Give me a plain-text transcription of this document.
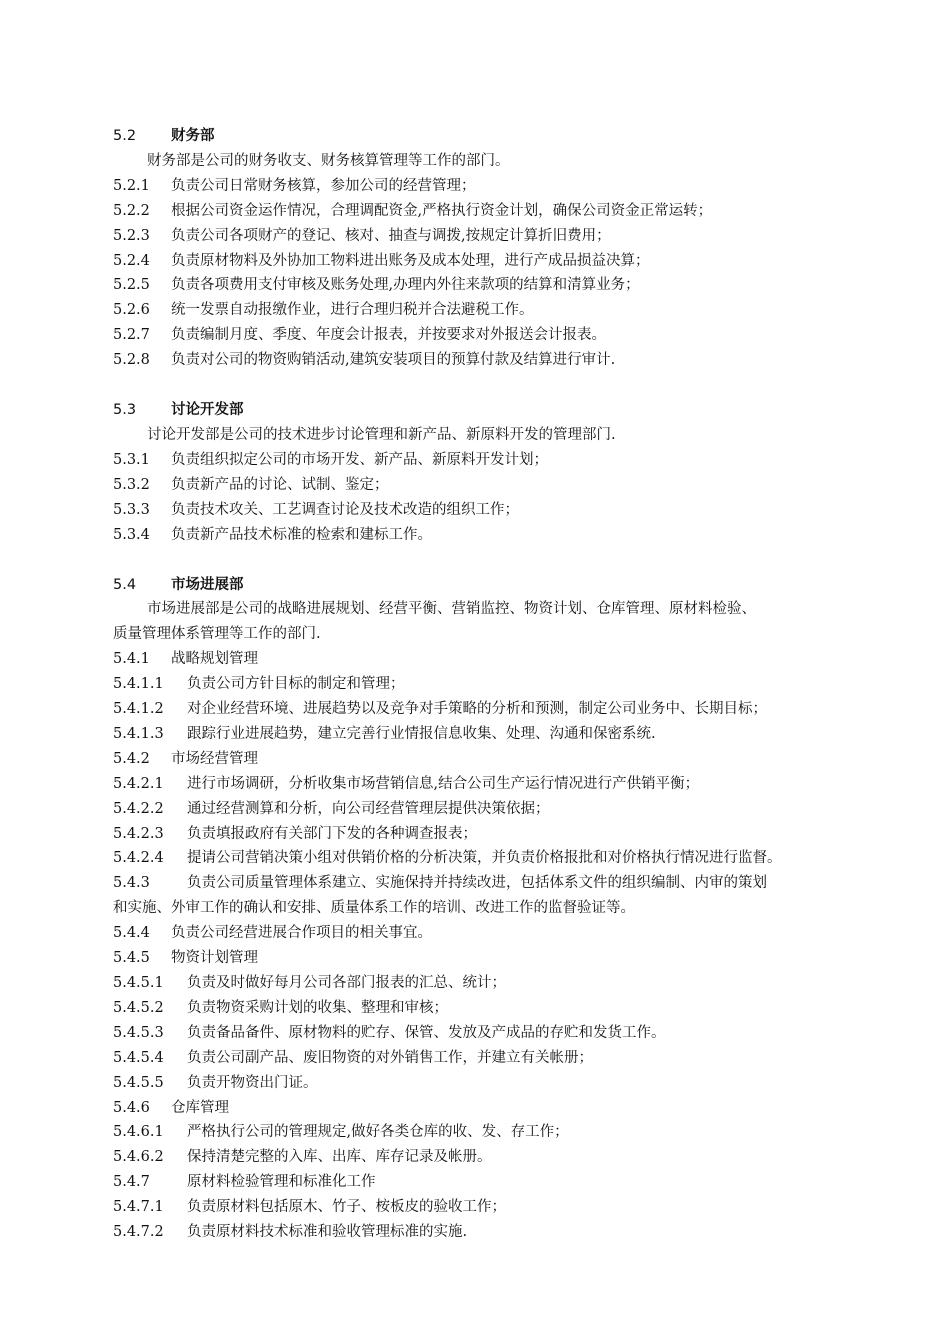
5.2 财务部
财务部是公司的财务收支、财务核算管理等工作的部门。
5.2.1 负责公司日常财务核算，参加公司的经营管理；
5.2.2 根据公司资金运作情况，合理调配资金,严格执行资金计划，确保公司资金正常运转；
5.2.3 负责公司各项财产的登记、核对、抽查与调拨,按规定计算折旧费用；
5.2.4 负责原材物料及外协加工物料进出账务及成本处理，进行产成品损益决算；
5.2.5 负责各项费用支付审核及账务处理,办理内外往来款项的结算和清算业务；
5.2.6 统一发票自动报缴作业，进行合理归税并合法避税工作。
5.2.7 负责编制月度、季度、年度会计报表，并按要求对外报送会计报表。
5.2.8 负责对公司的物资购销活动,建筑安装项目的预算付款及结算进行审计.
5.3 讨论开发部
讨论开发部是公司的技术进步讨论管理和新产品、新原料开发的管理部门.
5.3.1 负责组织拟定公司的市场开发、新产品、新原料开发计划；
5.3.2 负责新产品的讨论、试制、鉴定；
5.3.3 负责技术攻关、工艺调查讨论及技术改造的组织工作；
5.3.4 负责新产品技术标准的检索和建标工作。
5.4 市场进展部
市场进展部是公司的战略进展规划、经营平衡、营销监控、物资计划、仓库管理、原材料检验、
质量管理体系管理等工作的部门.
5.4.1 战略规划管理
5.4.1.1 负责公司方针目标的制定和管理；
5.4.1.2 对企业经营环境、进展趋势以及竞争对手策略的分析和预测，制定公司业务中、长期目标；
5.4.1.3 跟踪行业进展趋势，建立完善行业情报信息收集、处理、沟通和保密系统.
5.4.2 市场经营管理
5.4.2.1 进行市场调研，分析收集市场营销信息,结合公司生产运行情况进行产供销平衡；
5.4.2.2 通过经营测算和分析，向公司经营管理层提供决策依据；
5.4.2.3 负责填报政府有关部门下发的各种调查报表；
5.4.2.4 提请公司营销决策小组对供销价格的分析决策，并负责价格报批和对价格执行情况进行监督。
5.4.3	负责公司质量管理体系建立、实施保持并持续改进，包括体系文件的组织编制、内审的策划
和实施、外审工作的确认和安排、质量体系工作的培训、改进工作的监督验证等。
5.4.4 负责公司经营进展合作项目的相关事宜。
5.4.5 物资计划管理
5.4.5.1 负责及时做好每月公司各部门报表的汇总、统计；
5.4.5.2 负责物资采购计划的收集、整理和审核；
5.4.5.3 负责备品备件、原材物料的贮存、保管、发放及产成品的存贮和发货工作。
5.4.5.4 负责公司副产品、废旧物资的对外销售工作，并建立有关帐册；
5.4.5.5 负责开物资出门证。
5.4.6 仓库管理
5.4.6.1 严格执行公司的管理规定,做好各类仓库的收、发、存工作；
5.4.6.2 保持清楚完整的入库、出库、库存记录及帐册。
5.4.7	原材料检验管理和标准化工作
5.4.7.1 负责原材料包括原木、竹子、桉板皮的验收工作；
5.4.7.2 负责原材料技术标准和验收管理标准的实施.
